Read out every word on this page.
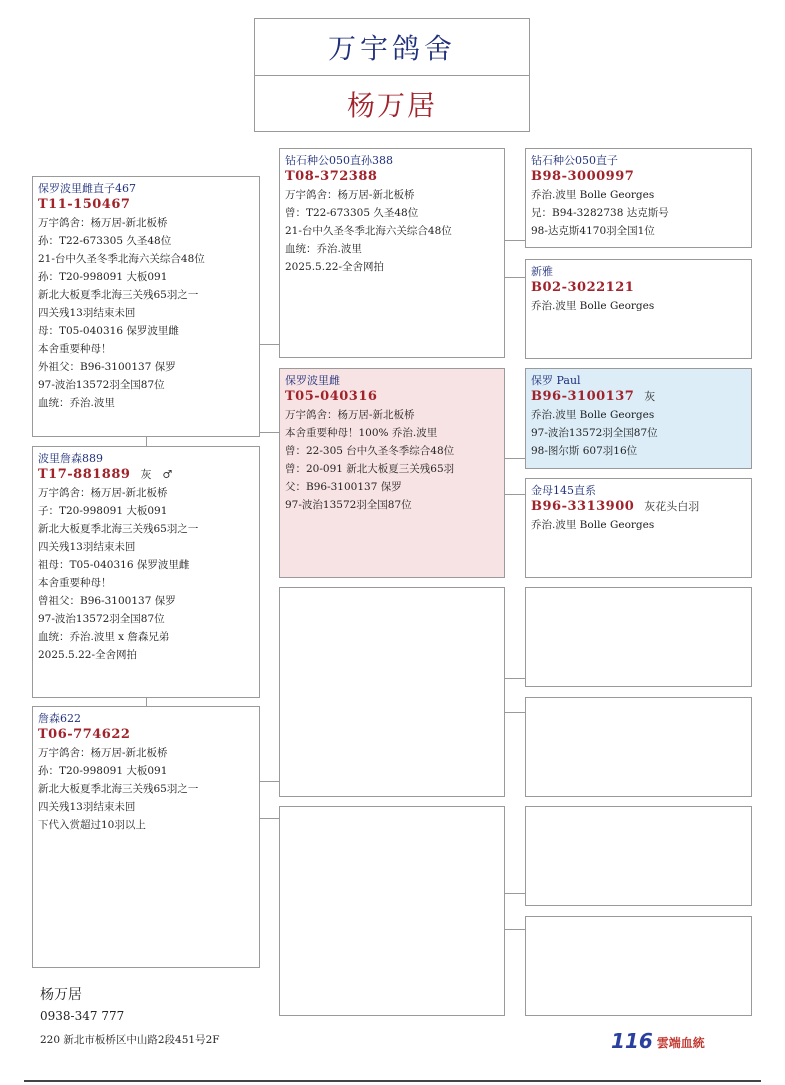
万宇鸽舍
杨万居
保罗波里雌直子467
T11-150467
万宇鸽舍：杨万居-新北板桥
孙：T22-673305 久圣48位
21-台中久圣冬季北海六关综合48位
孙：T20-998091 大板091
新北大板夏季北海三关残65羽之一
四关残13羽结束未回
母：T05-040316 保罗波里雌
本舍重要种母！
外祖父：B96-3100137 保罗
97-波治13572羽全国87位
血统：乔治.波里
波里詹森889
T17-881889 灰　♂
万宇鸽舍：杨万居-新北板桥
子：T20-998091 大板091
新北大板夏季北海三关残65羽之一
四关残13羽结束未回
祖母：T05-040316 保罗波里雌
本舍重要种母！
曾祖父：B96-3100137 保罗
97-波治13572羽全国87位
血统：乔治.波里 x 詹森兄弟
2025.5.22-全舍网拍
詹森622
T06-774622
万宇鸽舍：杨万居-新北板桥
孙：T20-998091 大板091
新北大板夏季北海三关残65羽之一
四关残13羽结束未回
下代入赏超过10羽以上
钻石种公050直孙388
T08-372388
万宇鸽舍：杨万居-新北板桥
曾：T22-673305 久圣48位
21-台中久圣冬季北海六关综合48位
血统：乔治.波里
2025.5.22-全舍网拍
保罗波里雌
T05-040316
万宇鸽舍：杨万居-新北板桥
本舍重要种母！100% 乔治.波里
曾：22-305 台中久圣冬季综合48位
曾：20-091 新北大板夏三关残65羽
父：B96-3100137 保罗
97-波治13572羽全国87位
钻石种公050直子
B98-3000997
乔治.波里 Bolle Georges
兄：B94-3282738 达克斯号
98-达克斯4170羽全国1位
新雅
B02-3022121
乔治.波里 Bolle Georges
保罗 Paul
B96-3100137 灰
乔治.波里 Bolle Georges
97-波治13572羽全国87位
98-图尔斯 607羽16位
金母145直系
B96-3313900 灰花头白羽
乔治.波里 Bolle Georges
杨万居
0938-347 777
220 新北市板桥区中山路2段451号2F	116 雲端血統
